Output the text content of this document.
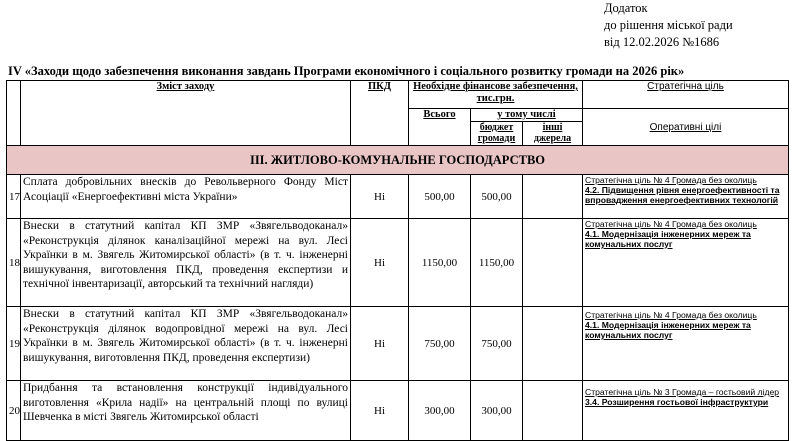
Додаток
до рішення міської ради
від 12.02.2026 №1686
IV «Заходи щодо забезпечення виконання завдань Програми економічного і соціального розвитку громади на 2026 рік»
	Зміст заходу	ПКД	Необхідне фінансове забезпечення, тис.грн.			Стратегічна ціль
			Всього	у тому числі		Оперативні цілі
				бюджет громади	інші джерела	
ІІІ. ЖИТЛОВО-КОМУНАЛЬНЕ ГОСПОДАРСТВО						
17	Сплата добровільних внесків до Револьверного Фонду Міст Асоціації «Енергоефективні міста України»	Ні	500,00	500,00		Стратегічна ціль № 4 Громада без околиць
4.2. Підвищення рівня енергоефективності та впровадження енергоефективних технологій
18	Внески в статутний капітал КП ЗМР «Звягельводоканал» «Реконструкція ділянок каналізаційної мережі на вул. Лесі Українки в м. Звягель Житомирської області» (в т. ч. інженерні вишукування, виготовлення ПКД, проведення експертизи и технічної інвентаризації, авторський та технічний нагляди)	Ні	1150,00	1150,00		Стратегічна ціль № 4 Громада без околиць
4.1. Модернізація інженерних мереж та комунальних послуг
19	Внески в статутний капітал КП ЗМР «Звягельводоканал» «Реконструкція ділянок водопровідної мережі на вул. Лесі Українки в м. Звягель Житомирської області» (в т. ч. інженерні вишукування, виготовлення ПКД, проведення експертизи)	Ні	750,00	750,00		Стратегічна ціль № 4 Громада без околиць
4.1. Модернізація інженерних мереж та комунальних послуг
20	Придбання та встановлення конструкції індивідуального виготовлення «Крила надії» на центральній площі по вулиці Шевченка в місті Звягель Житомирської області	Ні	300,00	300,00		Стратегічна ціль № 3 Громада – гостьовий лідер
3.4. Розширення гостьової інфраструктури
